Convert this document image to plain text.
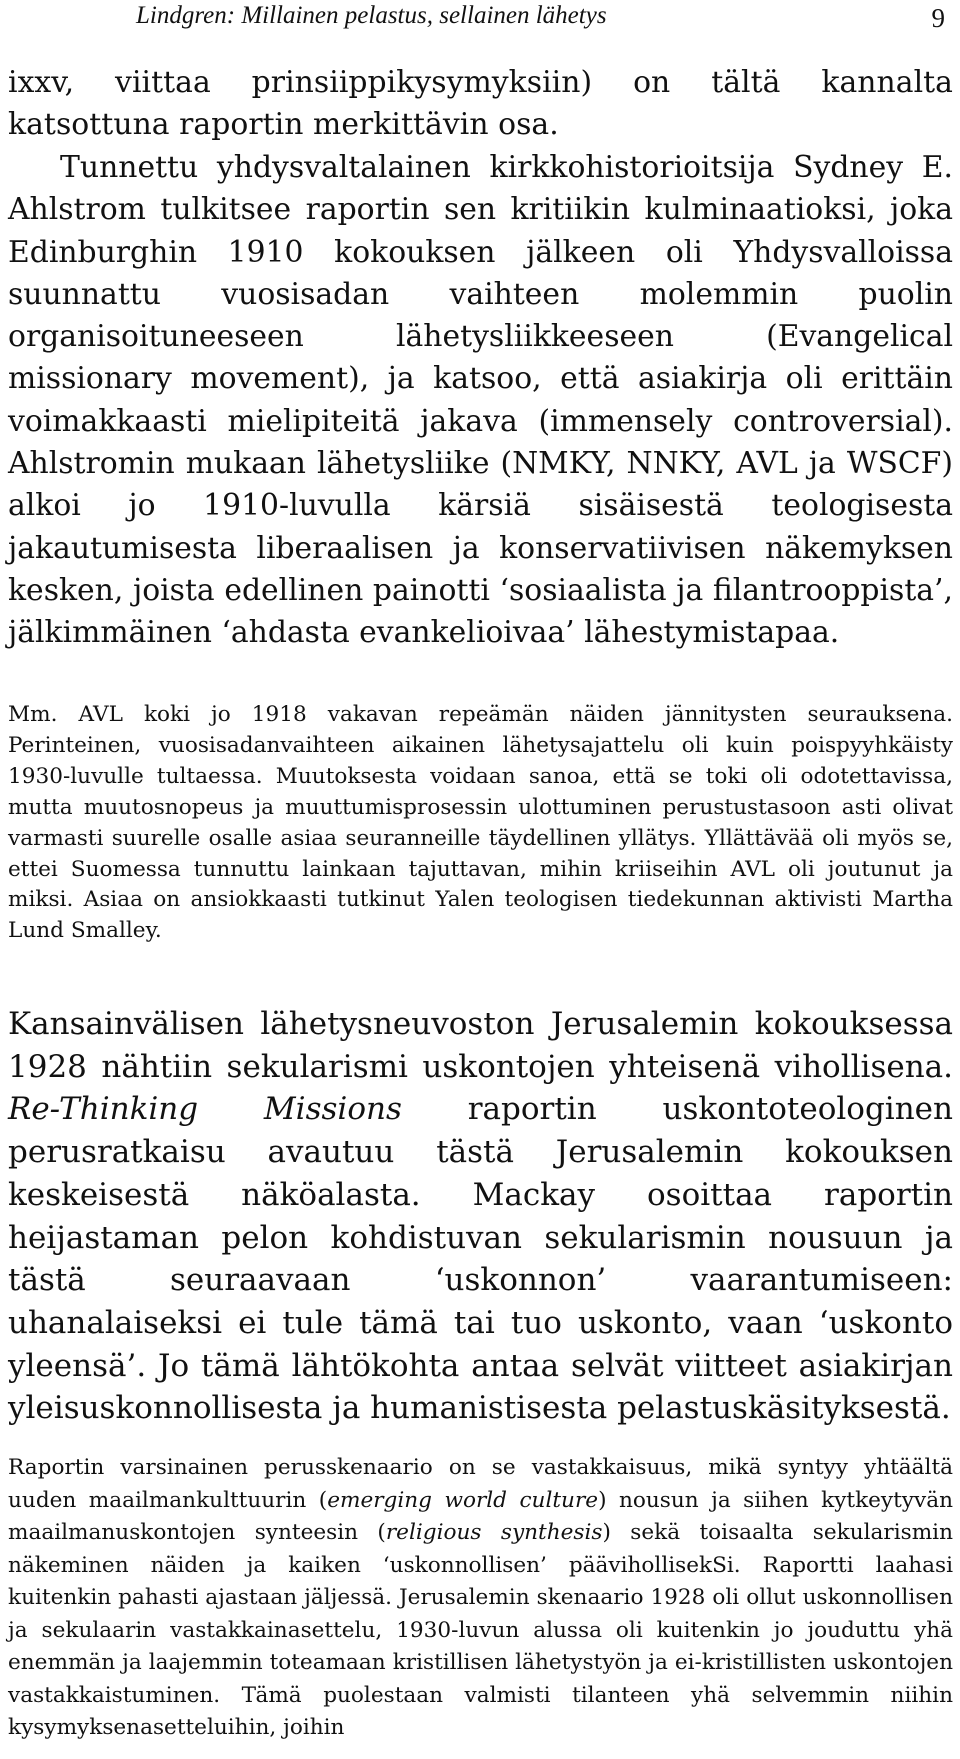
Lindgren: Millainen pelastus, sellainen lähetys	9

ixxv, viittaa prinsiippikysymyksiin) on tältä kannalta katsottuna raportin merkittävin osa.

Tunnettu yhdysvaltalainen kirkkohistorioitsija Sydney E. Ahlstrom tulkitsee raportin sen kritiikin kulminaatioksi, joka Edinburghin 1910 kokouksen jälkeen oli Yhdysvalloissa suunnattu vuosisadan vaihteen molemmin puolin organisoituneeseen lähetysliikkeeseen (Evangelical missionary movement), ja katsoo, että asiakirja oli erittäin voimakkaasti mielipiteitä jakava (immensely controversial). Ahlstromin mukaan lähetysliike (NMKY, NNKY, AVL ja WSCF) alkoi jo 1910-luvulla kärsiä sisäisestä teologisesta jakautumisesta liberaalisen ja konservatiivisen näkemyksen kesken, joista edellinen painotti ‘sosiaalista ja filantrooppista’, jälkimmäinen ‘ahdasta evankelioivaa’ lähestymistapaa.

Mm. AVL koki jo 1918 vakavan repeämän näiden jännitysten seurauksena. Perinteinen, vuosisadanvaihteen aikainen lähetysajattelu oli kuin poispyyhkäisty 1930-luvulle tultaessa. Muutoksesta voidaan sanoa, että se toki oli odotettavissa, mutta muutosnopeus ja muuttumisprosessin ulottuminen perustustasoon asti olivat varmasti suurelle osalle asiaa seuranneille täydellinen yllätys. Yllättävää oli myös se, ettei Suomessa tunnuttu lainkaan tajuttavan, mihin kriiseihin AVL oli joutunut ja miksi. Asiaa on ansiokkaasti tutkinut Yalen teologisen tiedekunnan aktivisti Martha Lund Smalley.

Kansainvälisen lähetysneuvoston Jerusalemin kokouksessa 1928 nähtiin sekularismi uskontojen yhteisenä vihollisena. Re-Thinking Missions raportin uskontoteologinen perusratkaisu avautuu tästä Jerusalemin kokouksen keskeisestä näköalasta. Mackay osoittaa raportin heijastaman pelon kohdistuvan sekularismin nousuun ja tästä seuraavaan ‘uskonnon’ vaarantumiseen: uhanalaiseksi ei tule tämä tai tuo uskonto, vaan ‘uskonto yleensä’. Jo tämä lähtökohta antaa selvät viitteet asiakirjan yleisuskonnollisesta ja humanistisesta pelastuskäsityksestä.

Raportin varsinainen perusskenaario on se vastakkaisuus, mikä syntyy yhtäältä uuden maailmankulttuurin (emerging world culture) nousun ja siihen kytkeytyvän maailmanuskontojen synteesin (religious synthesis) sekä toisaalta sekularismin näkeminen näiden ja kaiken ‘uskonnollisen’ päävihollisekSi. Raportti laahasi kuitenkin pahasti ajastaan jäljessä. Jerusalemin skenaario 1928 oli ollut uskonnollisen ja sekulaarin vastakkainasettelu, 1930-luvun alussa oli kuitenkin jo jouduttu yhä enemmän ja laajemmin toteamaan kristillisen lähetystyön ja ei-kristillisten uskontojen vastakkaistuminen. Tämä puolestaan valmisti tilanteen yhä selvemmin niihin kysymyksenasetteluihin, joihin
